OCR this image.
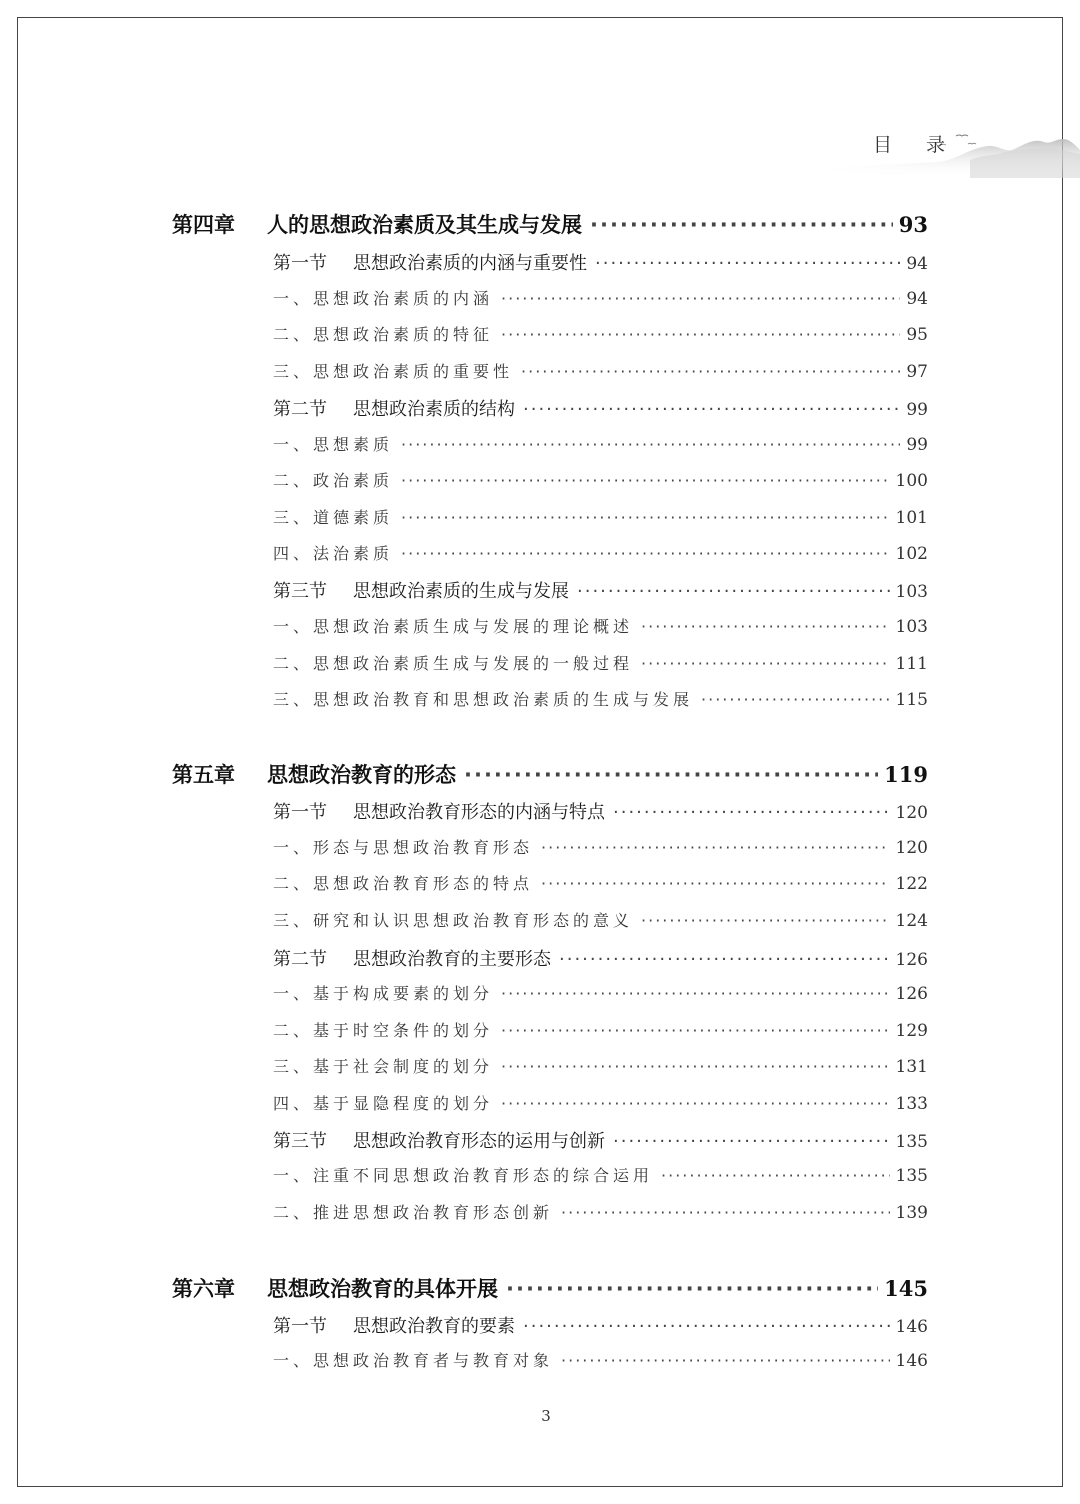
目 录
第四章 人的思想政治素质及其生成与发展 ·····	93
第一节 思想政治素质的内涵与重要性 ·····	94
一、思想政治素质的内涵 ·····	94
二、思想政治素质的特征 ·····	95
三、思想政治素质的重要性 ·····	97
第二节 思想政治素质的结构 ·····	99
一、思想素质 ·····	99
二、政治素质 ·····	100
三、道德素质 ·····	101
四、法治素质 ·····	102
第三节 思想政治素质的生成与发展 ·····	103
一、思想政治素质生成与发展的理论概述 ·····	103
二、思想政治素质生成与发展的一般过程 ·····	111
三、思想政治教育和思想政治素质的生成与发展 ·····	115
第五章 思想政治教育的形态 ·····	119
第一节 思想政治教育形态的内涵与特点 ·····	120
一、形态与思想政治教育形态 ·····	120
二、思想政治教育形态的特点 ·····	122
三、研究和认识思想政治教育形态的意义 ·····	124
第二节 思想政治教育的主要形态 ·····	126
一、基于构成要素的划分 ·····	126
二、基于时空条件的划分 ·····	129
三、基于社会制度的划分 ·····	131
四、基于显隐程度的划分 ·····	133
第三节 思想政治教育形态的运用与创新 ·····	135
一、注重不同思想政治教育形态的综合运用 ·····	135
二、推进思想政治教育形态创新 ·····	139
第六章 思想政治教育的具体开展 ·····	145
第一节 思想政治教育的要素 ·····	146
一、思想政治教育者与教育对象 ·····	146
3
